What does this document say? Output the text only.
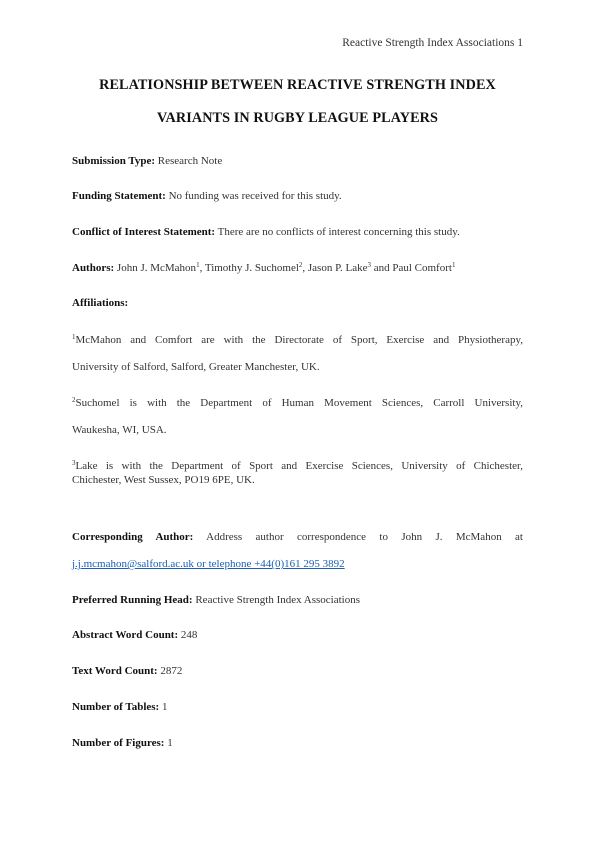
Reactive Strength Index Associations 1
RELATIONSHIP BETWEEN REACTIVE STRENGTH INDEX
VARIANTS IN RUGBY LEAGUE PLAYERS
Submission Type: Research Note
Funding Statement: No funding was received for this study.
Conflict of Interest Statement: There are no conflicts of interest concerning this study.
Authors: John J. McMahon$^1$, Timothy J. Suchomel$^2$, Jason P. Lake$^3$ and Paul Comfort$^1$
Affiliations:
$^1$McMahon and Comfort are with the Directorate of Sport, Exercise and Physiotherapy,
University of Salford, Salford, Greater Manchester, UK.
$^2$Suchomel is with the Department of Human Movement Sciences, Carroll University,
Waukesha, WI, USA.
$^3$Lake is with the Department of Sport and Exercise Sciences, University of Chichester,
Chichester, West Sussex, PO19 6PE, UK.
Corresponding Author: Address author correspondence to John J. McMahon at
j.j.mcmahon@salford.ac.uk or telephone +44(0)161 295 3892
Preferred Running Head: Reactive Strength Index Associations
Abstract Word Count: 248
Text Word Count: 2872
Number of Tables: 1
Number of Figures: 1
